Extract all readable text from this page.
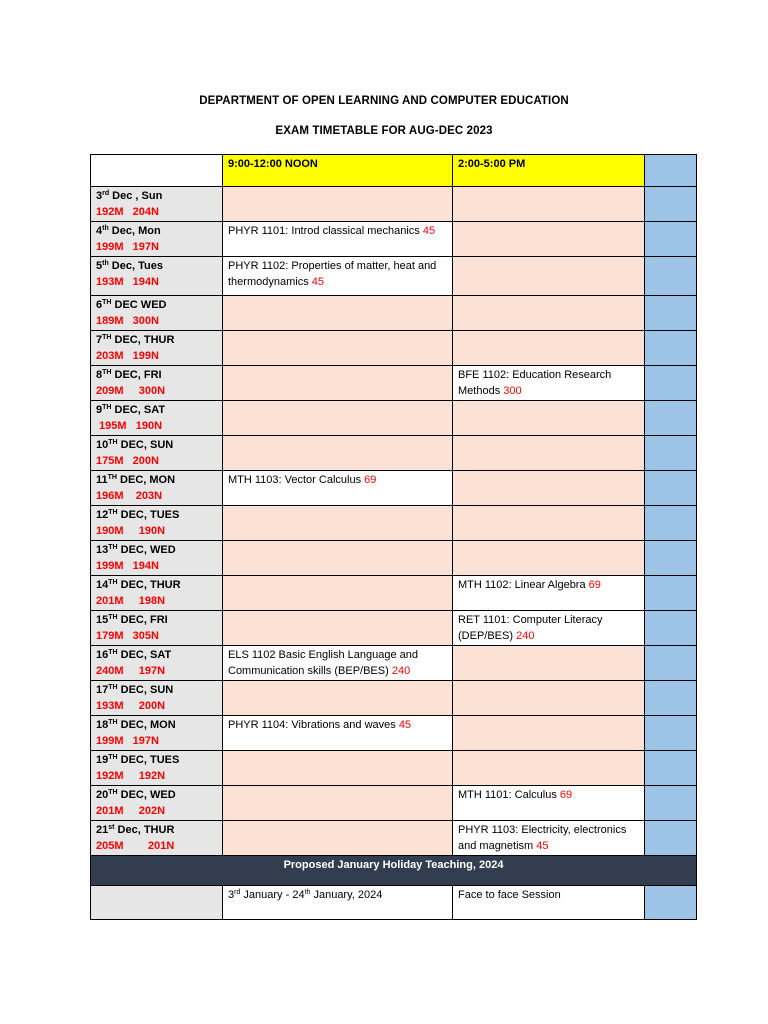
DEPARTMENT OF OPEN LEARNING AND COMPUTER EDUCATION
EXAM TIMETABLE FOR AUG-DEC 2023
	9:00-12:00 NOON	2:00-5:00 PM	

3rd Dec , Sun
192M   204N			

4th Dec, Mon
199M   197N	PHYR 1101: Introd classical mechanics 45		

5th Dec, Tues
193M   194N	PHYR 1102: Properties of matter, heat and thermodynamics 45		

6TH DEC WED
189M   300N			

7TH DEC, THUR
203M   199N			

8TH DEC, FRI
209M     300N		BFE 1102: Education Research Methods 300	

9TH DEC, SAT
195M   190N			

10TH DEC, SUN
175M   200N			

11TH DEC, MON
196M    203N	MTH 1103: Vector Calculus 69		

12TH DEC, TUES
190M     190N			

13TH DEC, WED
199M   194N			

14TH DEC, THUR
201M     198N		MTH 1102: Linear Algebra 69	

15TH DEC, FRI
179M   305N		RET 1101: Computer Literacy (DEP/BES) 240	

16TH DEC, SAT
240M     197N	ELS 1102 Basic English Language and Communication skills (BEP/BES) 240		

17TH DEC, SUN
193M     200N			

18TH DEC, MON
199M   197N	PHYR 1104: Vibrations and waves 45		

19TH DEC, TUES
192M     192N			

20TH DEC, WED
201M     202N		MTH 1101: Calculus 69	

21st Dec, THUR
205M        201N		PHYR 1103: Electricity, electronics and magnetism 45	
Proposed January Holiday Teaching, 2024			
	3rd January - 24th January, 2024	Face to face Session	
